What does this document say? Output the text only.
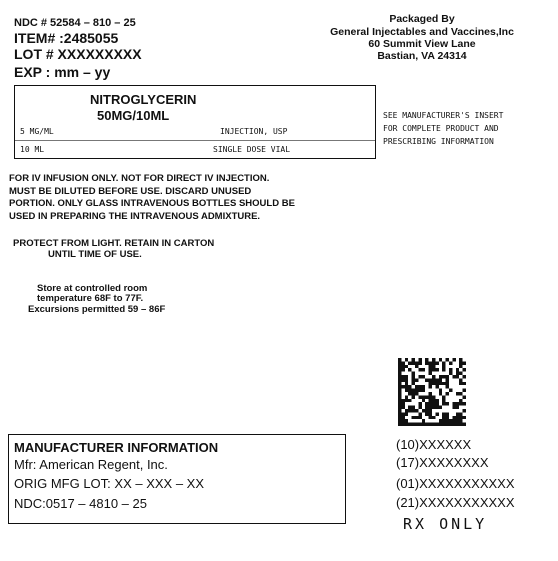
NDC # 52584 – 810 – 25
ITEM# :2485055
LOT # XXXXXXXXX
EXP : mm – yy
Packaged By
General Injectables and Vaccines,Inc
60 Summit View Lane
Bastian, VA 24314
NITROGLYCERIN
50MG/10ML
5 MG/ML	INJECTION, USP
10 ML	SINGLE DOSE VIAL
SEE MANUFACTURER'S INSERT
FOR COMPLETE PRODUCT AND
PRESCRIBING INFORMATION
FOR IV INFUSION ONLY. NOT FOR DIRECT IV INJECTION.
MUST BE DILUTED BEFORE USE. DISCARD UNUSED
PORTION. ONLY GLASS INTRAVENOUS BOTTLES SHOULD BE
USED IN PREPARING THE INTRAVENOUS ADMIXTURE.
PROTECT FROM LIGHT. RETAIN IN CARTON
UNTIL TIME OF USE.
Store at controlled room
temperature 68F to 77F.
Excursions permitted 59 – 86F
MANUFACTURER INFORMATION
Mfr: American Regent, Inc.
ORIG MFG LOT: XX – XXX – XX
NDC:0517 – 4810 – 25
(10)XXXXXX
(17)XXXXXXXX
(01)XXXXXXXXXXX
(21)XXXXXXXXXXX
RX ONLY
